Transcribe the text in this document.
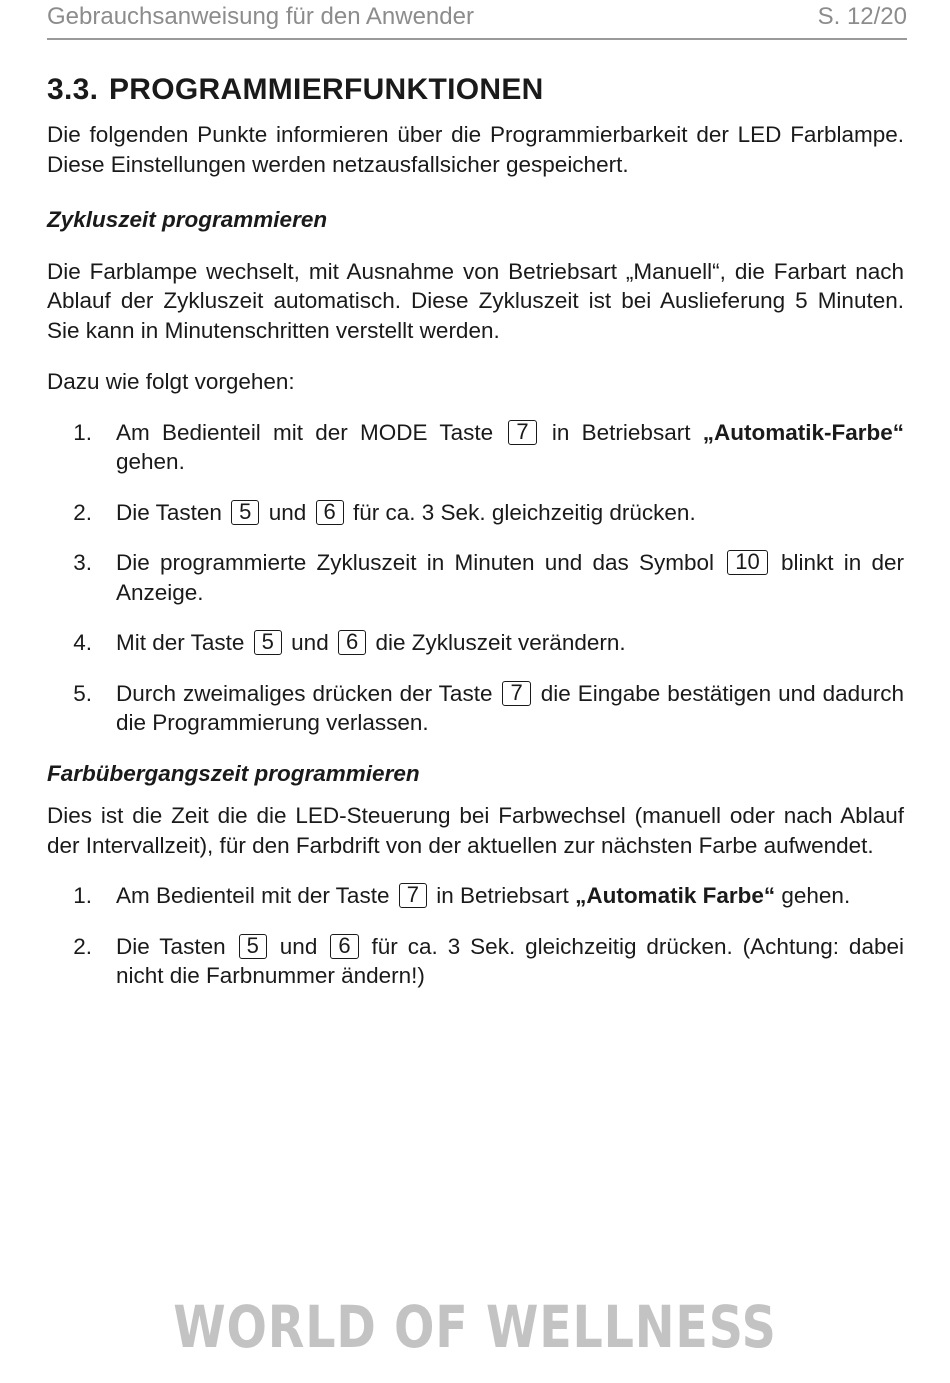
Gebrauchsanweisung für den Anwender	S. 12/20
3.3. PROGRAMMIERFUNKTIONEN

Die folgenden Punkte informieren über die Programmierbarkeit der LED Farblampe. Diese Einstellungen werden netzausfallsicher gespeichert.

Zykluszeit programmieren

Die Farblampe wechselt, mit Ausnahme von Betriebsart „Manuell“, die Farbart nach Ablauf der Zykluszeit automatisch. Diese Zykluszeit ist bei Auslieferung 5 Minuten. Sie kann in Minutenschritten verstellt werden.

Dazu wie folgt vorgehen:

1.	Am Bedienteil mit der MODE Taste 7 in Betriebsart „Automatik-Farbe“ gehen.
2.	Die Tasten 5 und 6 für ca. 3 Sek. gleichzeitig drücken.
3.	Die programmierte Zykluszeit in Minuten und das Symbol 10 blinkt in der Anzeige.
4.	Mit der Taste 5 und 6 die Zykluszeit verändern.
5.	Durch zweimaliges drücken der Taste 7 die Eingabe bestätigen und dadurch die Programmierung verlassen.
Farbübergangszeit programmieren

Dies ist die Zeit die die LED-Steuerung bei Farbwechsel (manuell oder nach Ablauf der Intervallzeit), für den Farbdrift von der aktuellen zur nächsten Farbe aufwendet.

1.	Am Bedienteil mit der Taste 7 in Betriebsart „Automatik Farbe“ gehen.
2.	Die Tasten 5 und 6 für ca. 3 Sek. gleichzeitig drücken. (Achtung: dabei nicht die Farbnummer ändern!)
WORLD OF WELLNESS
